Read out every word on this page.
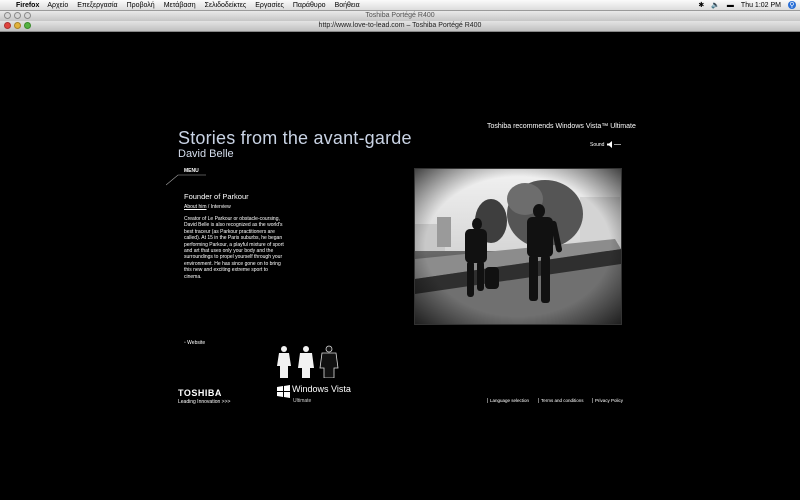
Firefox Αρχείο Επεξεργασία Προβολή Μετάβαση Σελιδοδείκτες Εργασίες Παράθυρο Βοήθεια	✱ 🔈 ▬ Thu 1:02 PM ⚲
Toshiba Portégé R400
http://www.love-to-lead.com – Toshiba Portégé R400
Stories from the avant-garde
David Belle
MENU
Toshiba recommends Windows Vista™ Ultimate
Sound
Founder of Parkour
About him / Interview
Creator of Le Parkour or obstacle-coursing, David Belle is also recognized as the world's best traceur (as Parkour practitioners are called). At 15 in the Paris suburbs, he began performing Parkour, a playful mixture of sport and art that uses only your body and the surroundings to propel yourself through your environment. He has since gone on to bring this new and exciting extreme sport to cinema.
▫ Website
TOSHIBA
Leading Innovation >>>
Windows Vista
Ultimate	Language selection	Terms and conditions	Privacy Policy
